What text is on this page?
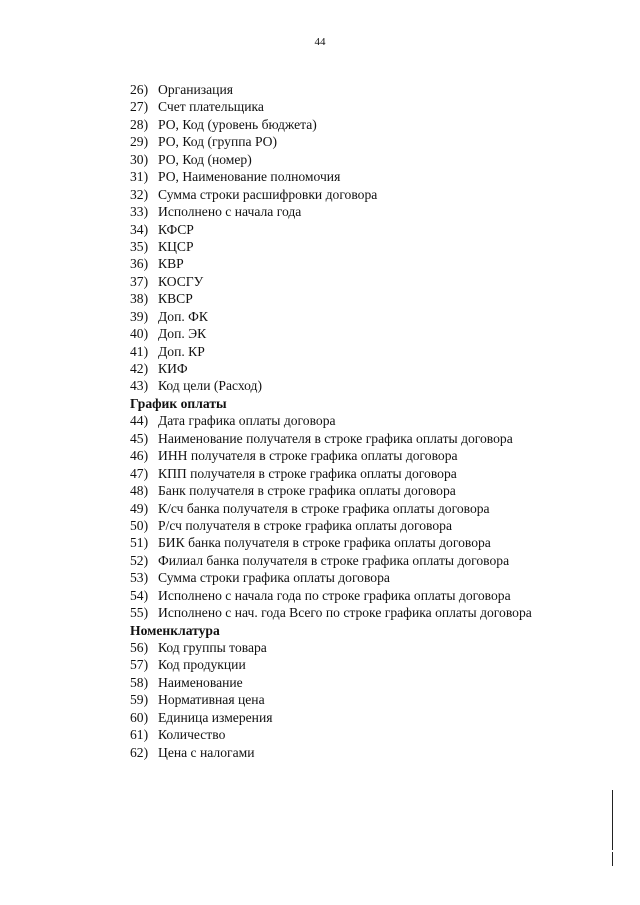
44
26) Организация
27) Счет плательщика
28) РО, Код (уровень бюджета)
29) РО, Код (группа РО)
30) РО, Код (номер)
31) РО, Наименование полномочия
32) Сумма строки расшифровки договора
33) Исполнено с начала года
34) КФСР
35) КЦСР
36) КВР
37) КОСГУ
38) КВСР
39) Доп. ФК
40) Доп. ЭК
41) Доп. КР
42) КИФ
43) Код цели (Расход)
График оплаты
44) Дата графика оплаты договора
45) Наименование получателя в строке графика оплаты договора
46) ИНН получателя в строке графика оплаты договора
47) КПП получателя в строке графика оплаты договора
48) Банк получателя в строке графика оплаты договора
49) К/сч банка получателя в строке графика оплаты договора
50) Р/сч получателя в строке графика оплаты договора
51) БИК банка получателя в строке графика оплаты договора
52) Филиал банка получателя в строке графика оплаты договора
53) Сумма строки графика оплаты договора
54) Исполнено с начала года по строке графика оплаты договора
55) Исполнено с нач. года Всего по строке графика оплаты договора
Номенклатура
56) Код группы товара
57) Код продукции
58) Наименование
59) Нормативная цена
60) Единица измерения
61) Количество
62) Цена с налогами
